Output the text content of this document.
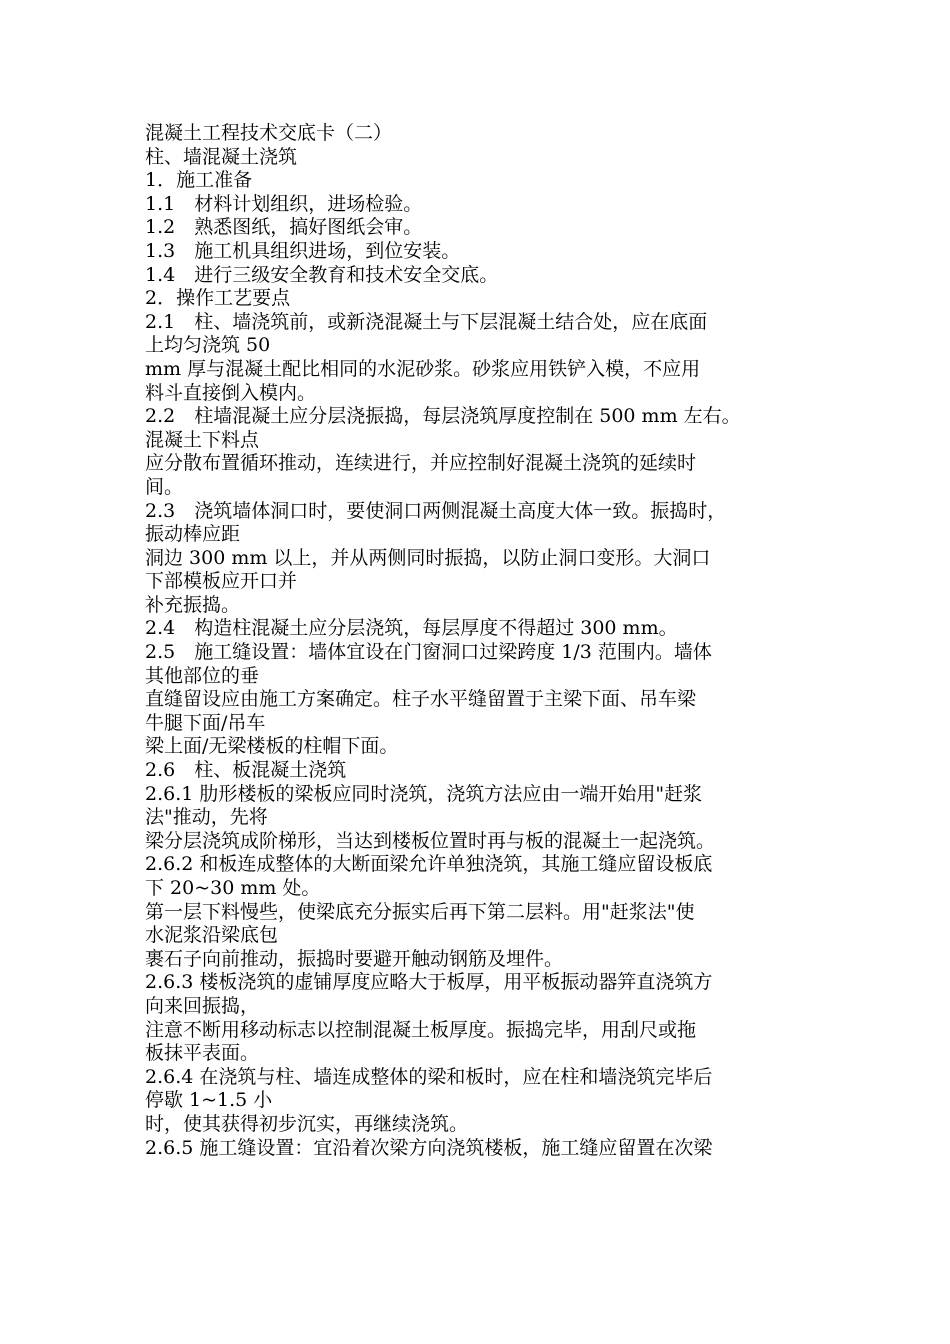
混凝土工程技术交底卡（二）
柱、墙混凝土浇筑
1．施工准备
1.1　材料计划组织，进场检验。
1.2　熟悉图纸，搞好图纸会审。
1.3　施工机具组织进场，到位安装。
1.4　进行三级安全教育和技术安全交底。
2．操作工艺要点
2.1　柱、墙浇筑前，或新浇混凝土与下层混凝土结合处，应在底面
上均匀浇筑 50
mm 厚与混凝土配比相同的水泥砂浆。砂浆应用铁铲入模，不应用
料斗直接倒入模内。
2.2　柱墙混凝土应分层浇振捣，每层浇筑厚度控制在 500 mm 左右。
混凝土下料点
应分散布置循环推动，连续进行，并应控制好混凝土浇筑的延续时
间。
2.3　浇筑墙体洞口时，要使洞口两侧混凝土高度大体一致。振捣时，
振动棒应距
洞边 300 mm 以上，并从两侧同时振捣，以防止洞口变形。大洞口
下部模板应开口并
补充振捣。
2.4　构造柱混凝土应分层浇筑，每层厚度不得超过 300 mm。
2.5　施工缝设置：墙体宜设在门窗洞口过梁跨度 1/3 范围内。墙体
其他部位的垂
直缝留设应由施工方案确定。柱子水平缝留置于主梁下面、吊车梁
牛腿下面/吊车
梁上面/无梁楼板的柱帽下面。
2.6　柱、板混凝土浇筑
2.6.1 肋形楼板的梁板应同时浇筑，浇筑方法应由一端开始用"赶浆
法"推动，先将
梁分层浇筑成阶梯形，当达到楼板位置时再与板的混凝土一起浇筑。
2.6.2 和板连成整体的大断面梁允许单独浇筑，其施工缝应留设板底
下 20~30 mm 处。
第一层下料慢些，使梁底充分振实后再下第二层料。用"赶浆法"使
水泥浆沿梁底包
裹石子向前推动，振捣时要避开触动钢筋及埋件。
2.6.3 楼板浇筑的虚铺厚度应略大于板厚，用平板振动器笄直浇筑方
向来回振捣，
注意不断用移动标志以控制混凝土板厚度。振捣完毕，用刮尺或拖
板抹平表面。
2.6.4 在浇筑与柱、墙连成整体的梁和板时，应在柱和墙浇筑完毕后
停歇 1~1.5 小
时，使其获得初步沉实，再继续浇筑。
2.6.5 施工缝设置：宜沿着次梁方向浇筑楼板，施工缝应留置在次梁
